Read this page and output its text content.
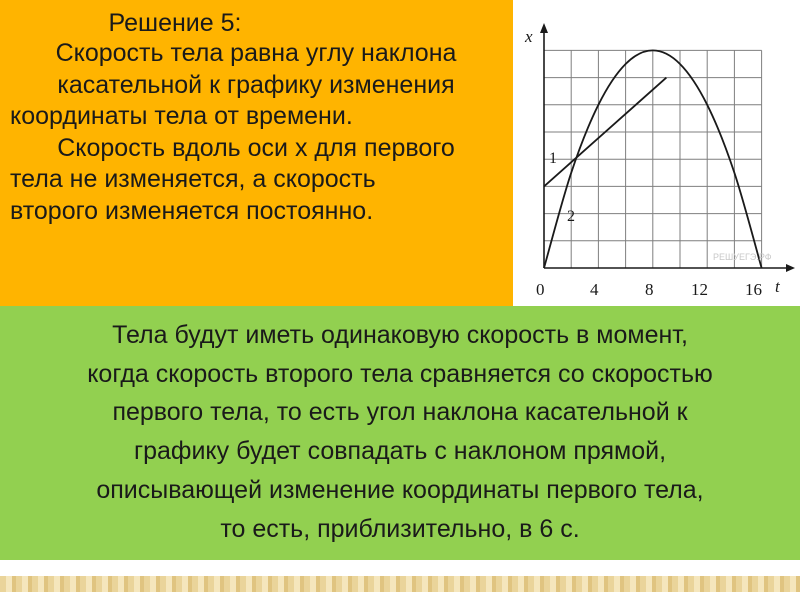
Решение 5:

Скорость тела равна углу наклона

касательной к графику изменения

координаты тела от времени.

Скорость вдоль оси x для первого

тела не изменяется, а скорость

второго изменяется постоянно.

x
t
0	4	8 12 16
1
2
РЕШУЕГЭ.РФ

Тела будут иметь одинаковую скорость в момент,

когда скорость второго тела сравняется со скоростью

первого тела, то есть угол наклона касательной к

графику будет совпадать с наклоном прямой,

описывающей изменение координаты первого тела,

то есть, приблизительно, в 6 с.
